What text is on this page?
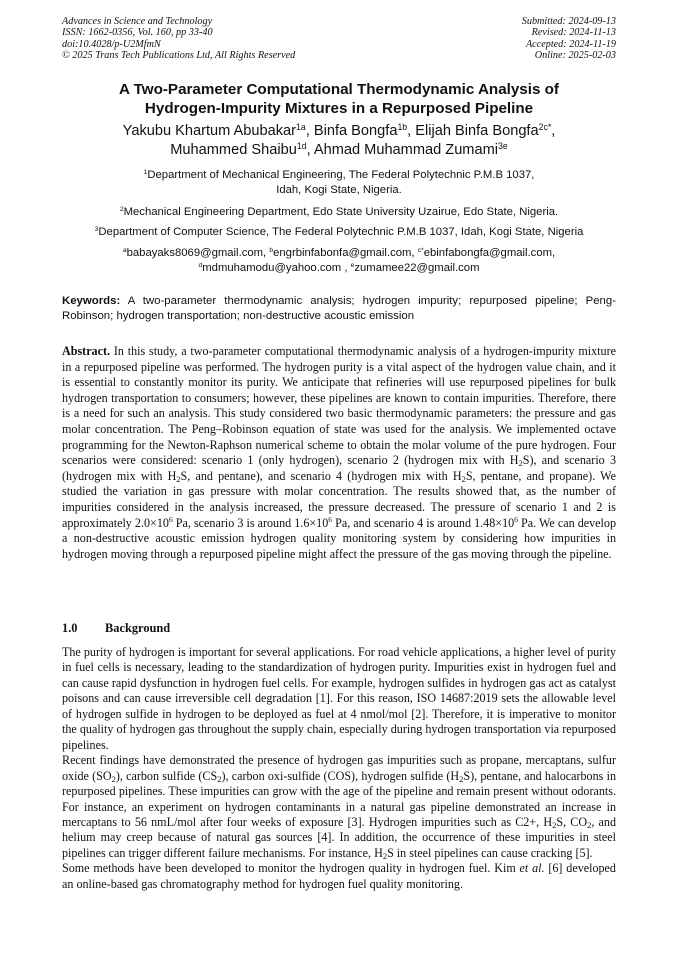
Advances in Science and Technology
ISSN: 1662-0356, Vol. 160, pp 33-40
doi:10.4028/p-U2MfmN
© 2025 Trans Tech Publications Ltd, All Rights Reserved
Submitted: 2024-09-13
Revised: 2024-11-13
Accepted: 2024-11-19
Online: 2025-02-03
A Two-Parameter Computational Thermodynamic Analysis of
Hydrogen-Impurity Mixtures in a Repurposed Pipeline
Yakubu Khartum Abubakar$^{1a}$, Binfa Bongfa$^{1b}$, Elijah Binfa Bongfa$^{2c*}$,
Muhammed Shaibu$^{1d}$, Ahmad Muhammad Zumami$^{3e}$
$^1$Department of Mechanical Engineering, The Federal Polytechnic P.M.B 1037,
Idah, Kogi State, Nigeria.
$^2$Mechanical Engineering Department, Edo State University Uzairue, Edo State, Nigeria.
$^3$Department of Computer Science, The Federal Polytechnic P.M.B 1037, Idah, Kogi State, Nigeria
$^a$babayaks8069@gmail.com, $^b$engrbinfabonfa@gmail.com, $^{c*}$ebinfabongfa@gmail.com,
$^d$mdmuhamodu@yahoo.com , $^e$zumamee22@gmail.com
Keywords: A two-parameter thermodynamic analysis; hydrogen impurity; repurposed pipeline; Peng-Robinson; hydrogen transportation; non-destructive acoustic emission
Abstract. In this study, a two-parameter computational thermodynamic analysis of a hydrogen-impurity mixture in a repurposed pipeline was performed. The hydrogen purity is a vital aspect of the hydrogen value chain, and it is essential to constantly monitor its purity. We anticipate that refineries will use repurposed pipelines for bulk hydrogen transportation to consumers; however, these pipelines are known to contain impurities. Therefore, there is a need for such an analysis. This study considered two basic thermodynamic parameters: the pressure and gas molar concentration. The Peng–Robinson equation of state was used for the analysis. We implemented octave programming for the Newton-Raphson numerical scheme to obtain the molar volume of the pure hydrogen. Four scenarios were considered: scenario 1 (only hydrogen), scenario 2 (hydrogen mix with $H_2S$), and scenario 3 (hydrogen mix with $H_2S$, and pentane), and scenario 4 (hydrogen mix with $H_2S$, pentane, and propane). We studied the variation in gas pressure with molar concentration. The results showed that, as the number of impurities considered in the analysis increased, the pressure decreased. The pressure of scenario 1 and 2 is approximately $2.0\times 10^6$ Pa, scenario 3 is around $1.6\times 10^6$ Pa, and scenario 4 is around $1.48\times 10^6$ Pa. We can develop a non-destructive acoustic emission hydrogen quality monitoring system by considering how impurities in hydrogen moving through a repurposed pipeline might affect the pressure of the gas moving through the pipeline.
1.0 Background

The purity of hydrogen is important for several applications. For road vehicle applications, a higher level of purity in fuel cells is necessary, leading to the standardization of hydrogen purity. Impurities exist in hydrogen fuel and can cause rapid dysfunction in hydrogen fuel cells. For example, hydrogen sulfides in hydrogen gas act as catalyst poisons and can cause irreversible cell degradation [1]. For this reason, ISO 14687:2019 sets the allowable level of hydrogen sulfide in hydrogen to be deployed as fuel at 4 nmol/mol [2]. Therefore, it is imperative to monitor the quality of hydrogen gas throughout the supply chain, especially during hydrogen transportation via repurposed pipelines.

Recent findings have demonstrated the presence of hydrogen gas impurities such as propane, mercaptans, sulfur oxide $(SO_2)$, carbon sulfide $(CS_2)$, carbon oxi-sulfide (COS), hydrogen sulfide $(H_2S)$, pentane, and halocarbons in repurposed pipelines. These impurities can grow with the age of the pipeline and remain present without odorants. For instance, an experiment on hydrogen contaminants in a natural gas pipeline demonstrated an increase in mercaptans to 56 nmL/mol after four weeks of exposure [3]. Hydrogen impurities such as C2+, $H_2S$, $CO_2$, and helium may creep because of natural gas sources [4]. In addition, the occurrence of these impurities in steel pipelines can trigger different failure mechanisms. For instance, $H_2S$ in steel pipelines can cause cracking [5].

Some methods have been developed to monitor the hydrogen quality in hydrogen fuel. Kim et al. [6] developed an online-based gas chromatography method for hydrogen fuel quality monitoring.
